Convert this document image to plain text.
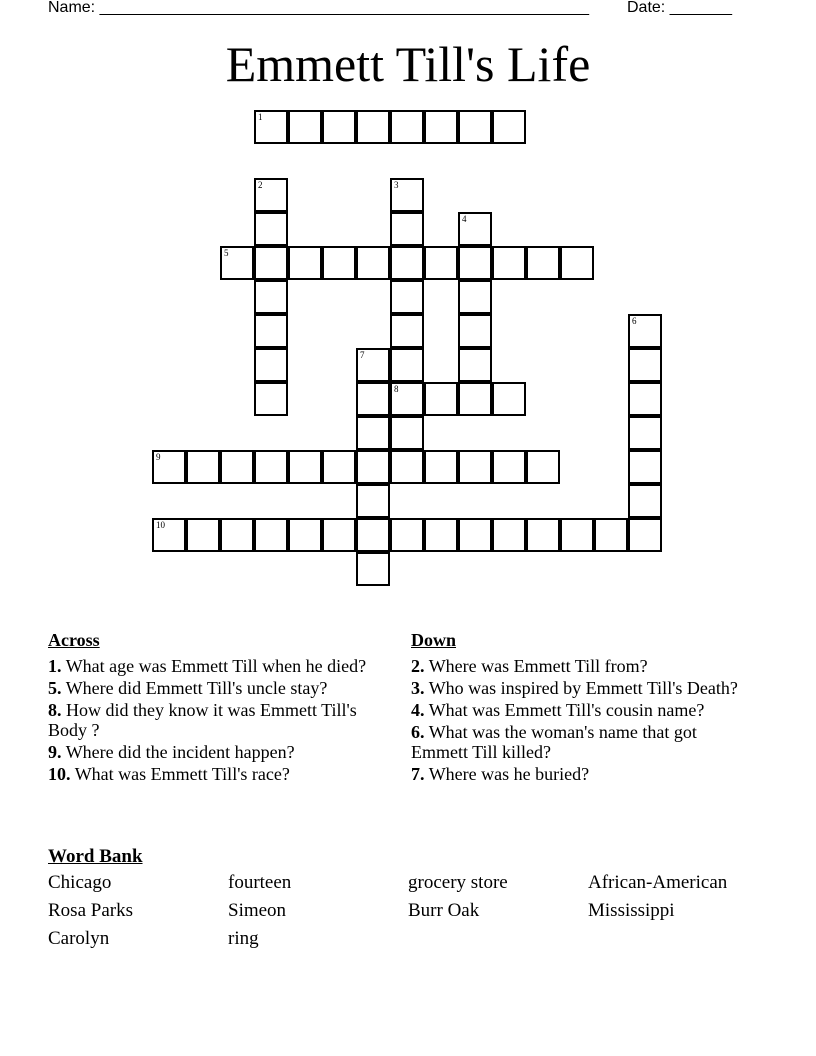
Name: _______________________________________________________ Date: _______
Emmett Till's Life
1
2	3
8
4
5
6
7
9
10
Across
1. What age was Emmett Till when he died?
5. Where did Emmett Till's uncle stay?
8. How did they know it was Emmett Till's Body ?
9. Where did the incident happen?
10. What was Emmett Till's race?
Down
2. Where was Emmett Till from?
3. Who was inspired by Emmett Till's Death?
4. What was Emmett Till's cousin name?
6. What was the woman's name that got Emmett Till killed?
7. Where was he buried?
Word Bank
Chicago	fourteen	grocery store	African-American
Rosa Parks	Simeon	Burr Oak	Mississippi
Carolyn	ring
